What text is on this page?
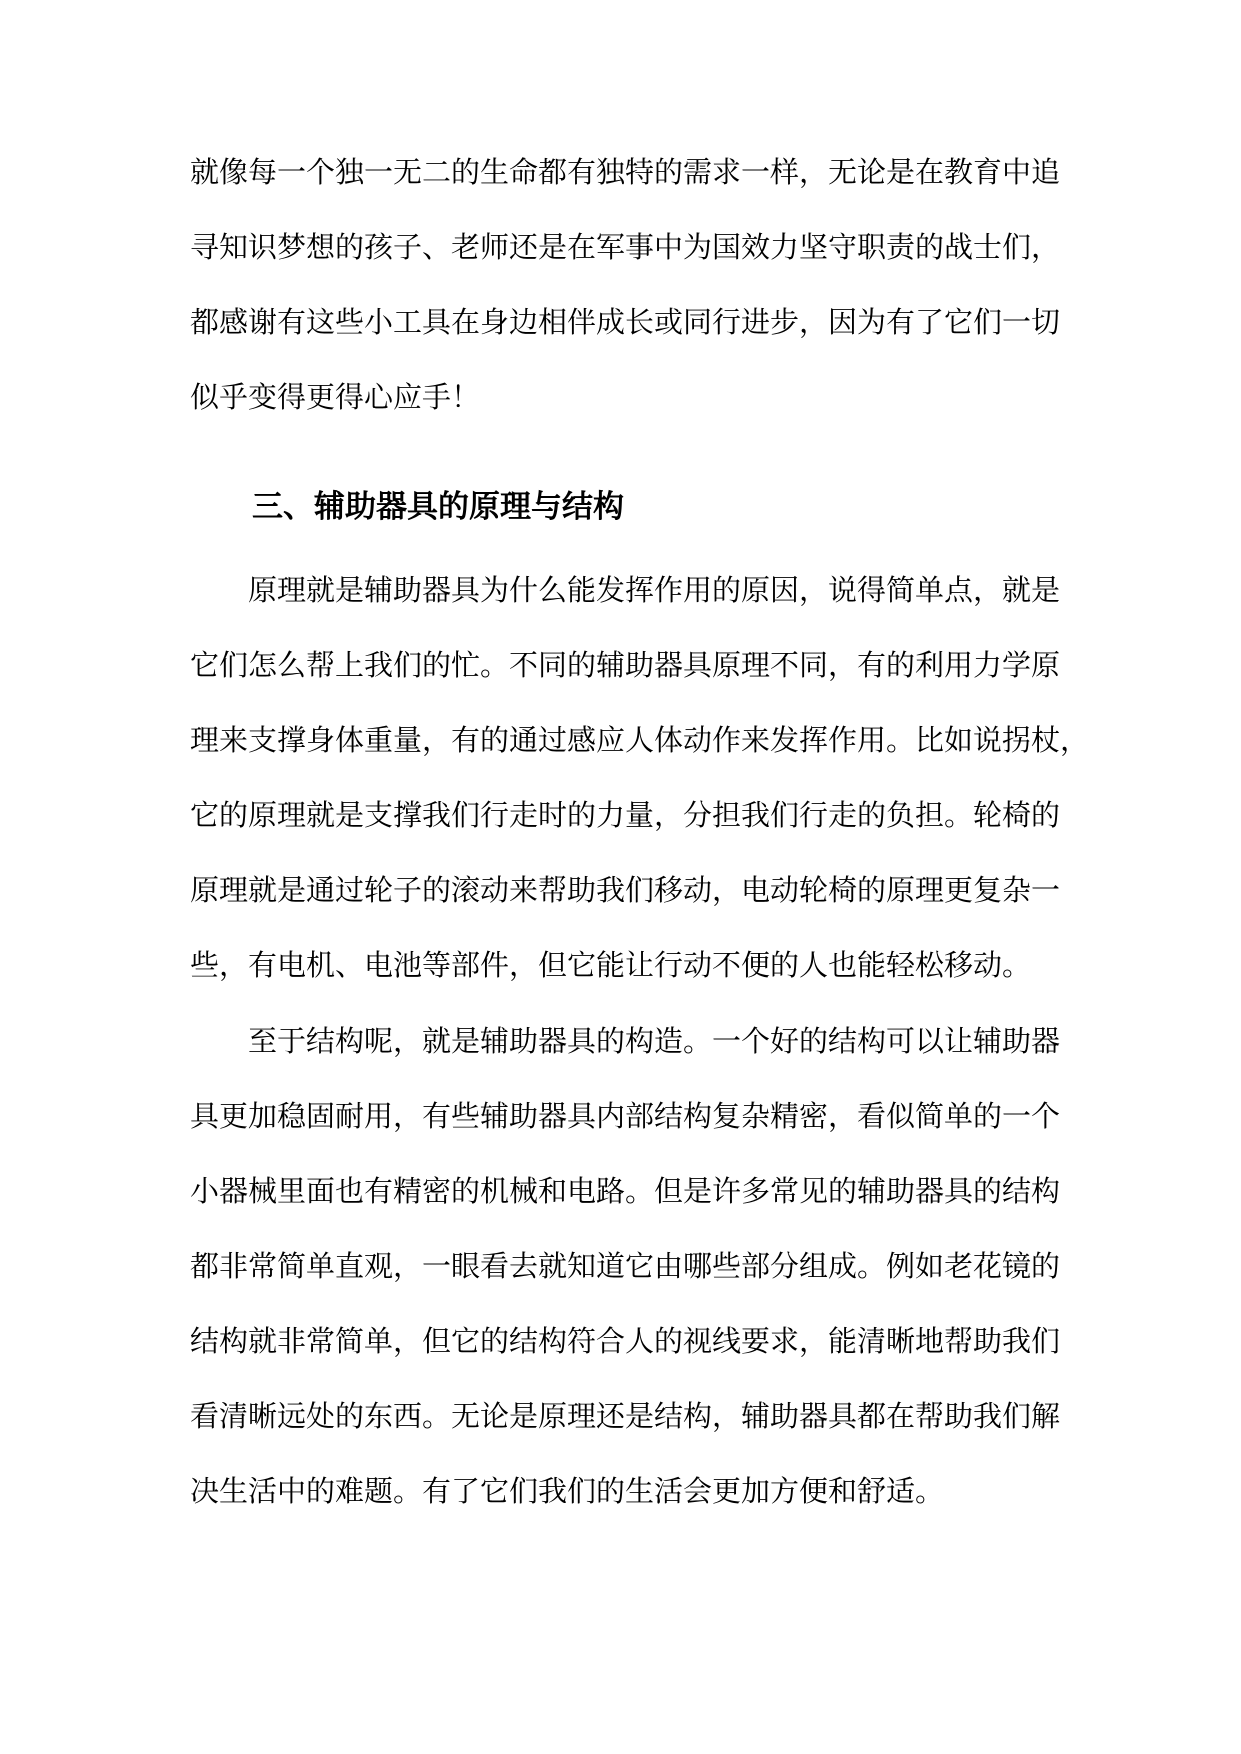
就像每一个独一无二的生命都有独特的需求一样，无论是在教育中追
寻知识梦想的孩子、老师还是在军事中为国效力坚守职责的战士们，
都感谢有这些小工具在身边相伴成长或同行进步，因为有了它们一切
似乎变得更得心应手！
三、辅助器具的原理与结构
原理就是辅助器具为什么能发挥作用的原因，说得简单点，就是
它们怎么帮上我们的忙。不同的辅助器具原理不同，有的利用力学原
理来支撑身体重量，有的通过感应人体动作来发挥作用。比如说拐杖，
它的原理就是支撑我们行走时的力量，分担我们行走的负担。轮椅的
原理就是通过轮子的滚动来帮助我们移动，电动轮椅的原理更复杂一
些，有电机、电池等部件，但它能让行动不便的人也能轻松移动。
至于结构呢，就是辅助器具的构造。一个好的结构可以让辅助器
具更加稳固耐用，有些辅助器具内部结构复杂精密，看似简单的一个
小器械里面也有精密的机械和电路。但是许多常见的辅助器具的结构
都非常简单直观，一眼看去就知道它由哪些部分组成。例如老花镜的
结构就非常简单，但它的结构符合人的视线要求，能清晰地帮助我们
看清晰远处的东西。无论是原理还是结构，辅助器具都在帮助我们解
决生活中的难题。有了它们我们的生活会更加方便和舒适。
